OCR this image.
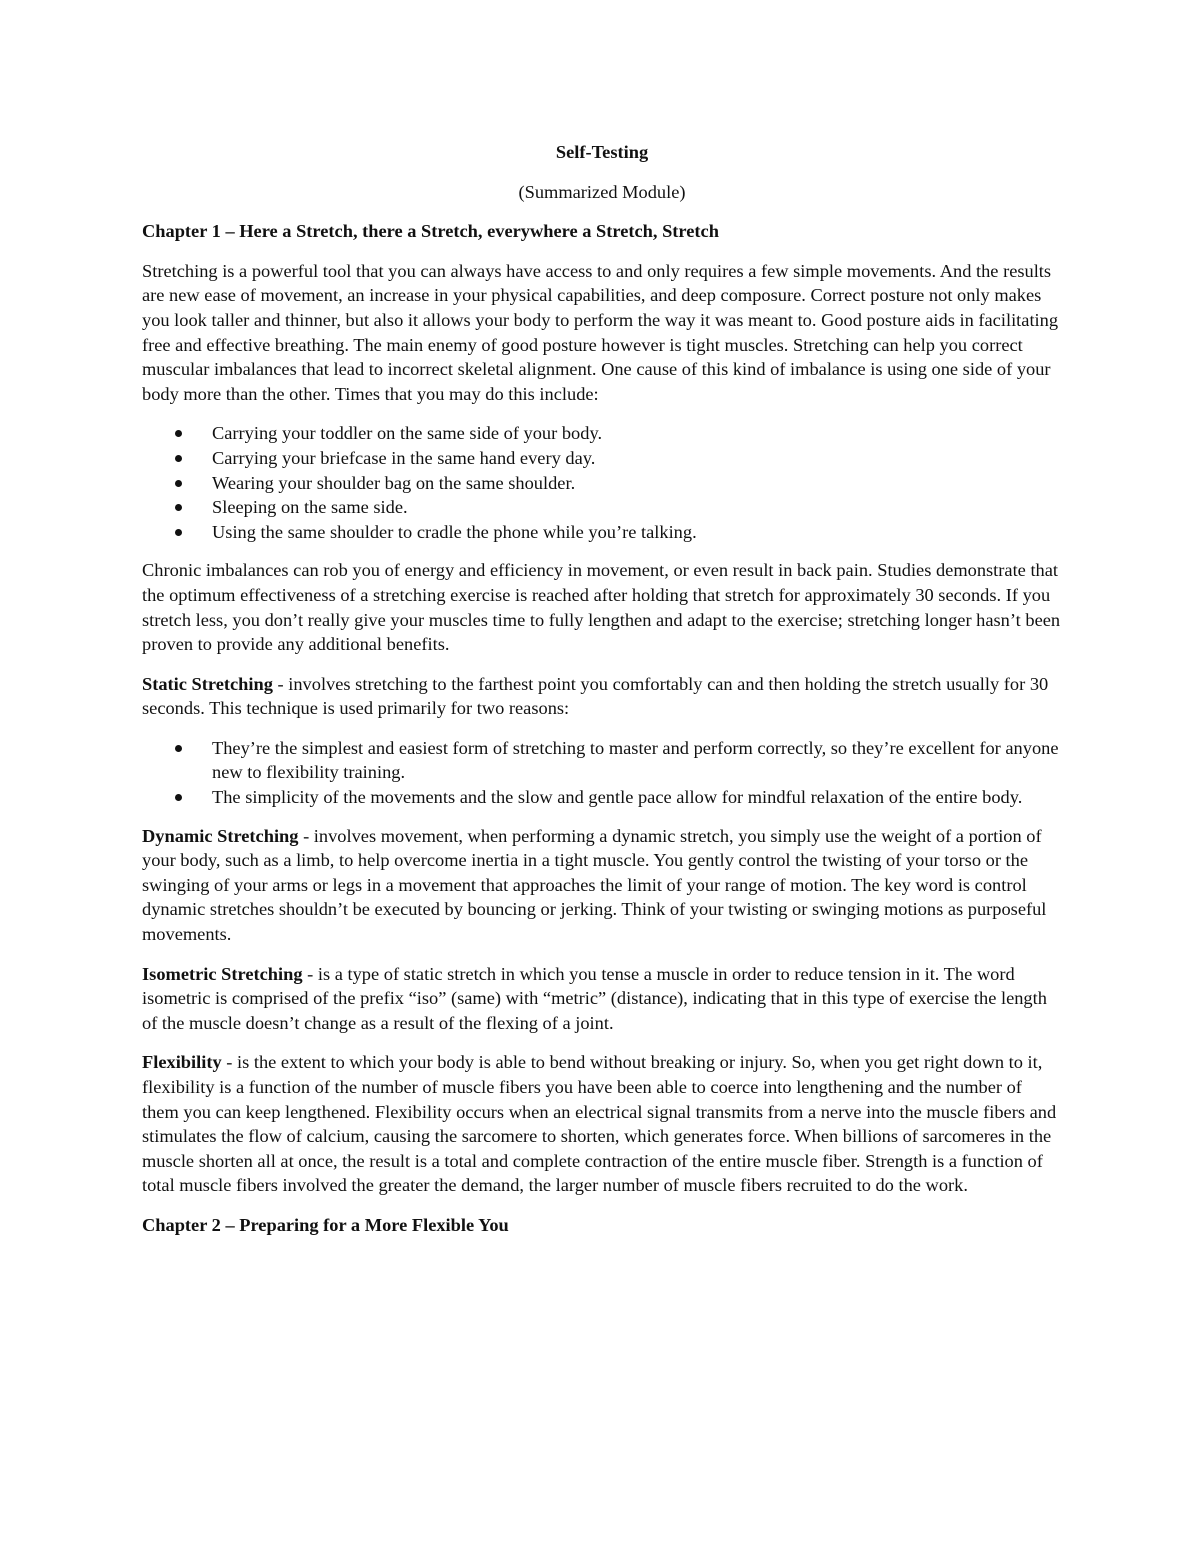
Self-Testing

(Summarized Module)

Chapter 1 – Here a Stretch, there a Stretch, everywhere a Stretch, Stretch

Stretching is a powerful tool that you can always have access to and only requires a few simple movements. And the results are new ease of movement, an increase in your physical capabilities, and deep composure. Correct posture not only makes you look taller and thinner, but also it allows your body to perform the way it was meant to. Good posture aids in facilitating free and effective breathing. The main enemy of good posture however is tight muscles. Stretching can help you correct muscular imbalances that lead to incorrect skeletal alignment. One cause of this kind of imbalance is using one side of your body more than the other. Times that you may do this include:

Carrying your toddler on the same side of your body.
Carrying your briefcase in the same hand every day.
Wearing your shoulder bag on the same shoulder.
Sleeping on the same side.
Using the same shoulder to cradle the phone while you’re talking.

Chronic imbalances can rob you of energy and efficiency in movement, or even result in back pain. Studies demonstrate that the optimum effectiveness of a stretching exercise is reached after holding that stretch for approximately 30 seconds. If you stretch less, you don’t really give your muscles time to fully lengthen and adapt to the exercise; stretching longer hasn’t been proven to provide any additional benefits.

Static Stretching - involves stretching to the farthest point you comfortably can and then holding the stretch usually for 30 seconds. This technique is used primarily for two reasons:

They’re the simplest and easiest form of stretching to master and perform correctly, so they’re excellent for anyone new to flexibility training.
The simplicity of the movements and the slow and gentle pace allow for mindful relaxation of the entire body.

Dynamic Stretching - involves movement, when performing a dynamic stretch, you simply use the weight of a portion of your body, such as a limb, to help overcome inertia in a tight muscle. You gently control the twisting of your torso or the swinging of your arms or legs in a movement that approaches the limit of your range of motion. The key word is control dynamic stretches shouldn’t be executed by bouncing or jerking. Think of your twisting or swinging motions as purposeful movements.

Isometric Stretching - is a type of static stretch in which you tense a muscle in order to reduce tension in it. The word isometric is comprised of the prefix “iso” (same) with “metric” (distance), indicating that in this type of exercise the length of the muscle doesn’t change as a result of the flexing of a joint.

Flexibility - is the extent to which your body is able to bend without breaking or injury. So, when you get right down to it, flexibility is a function of the number of muscle fibers you have been able to coerce into lengthening and the number of them you can keep lengthened. Flexibility occurs when an electrical signal transmits from a nerve into the muscle fibers and stimulates the flow of calcium, causing the sarcomere to shorten, which generates force. When billions of sarcomeres in the muscle shorten all at once, the result is a total and complete contraction of the entire muscle fiber. Strength is a function of total muscle fibers involved the greater the demand, the larger number of muscle fibers recruited to do the work.

Chapter 2 – Preparing for a More Flexible You
